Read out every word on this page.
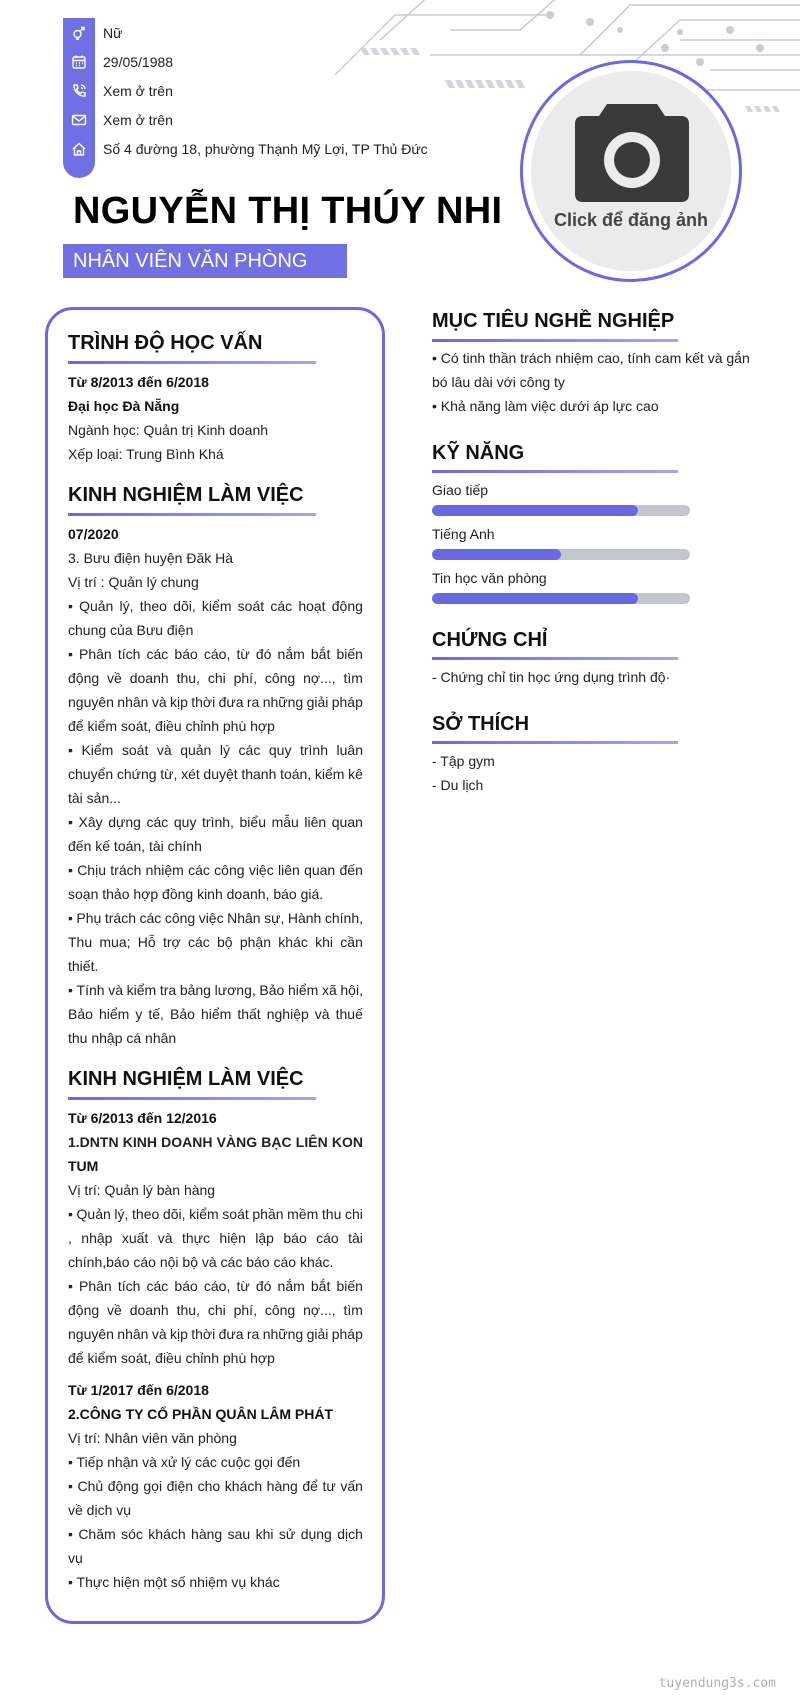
Nữ
29/05/1988
Xem ở trên
Xem ở trên
Số 4 đường 18, phường Thạnh Mỹ Lợi, TP Thủ Đức
NGUYỄN THỊ THÚY NHI
NHÂN VIÊN VĂN PHÒNG
Click để đăng ảnh
TRÌNH ĐỘ HỌC VẤN
Từ 8/2013 đến 6/2018
Đại học Đà Nẵng
Ngành học: Quản trị Kinh doanh
Xếp loại: Trung Bình Khá
KINH NGHIỆM LÀM VIỆC
07/2020
3. Bưu điện huyện Đăk Hà
Vị trí : Quản lý chung
• Quản lý, theo dõi, kiểm soát các hoạt động
chung của Bưu điện
• Phân tích các báo cáo, từ đó nắm bắt biến
động về doanh thu, chi phí, công nợ..., tìm
nguyên nhân và kịp thời đưa ra những giải pháp
để kiểm soát, điều chỉnh phù hợp
• Kiểm soát và quản lý các quy trình luân
chuyển chứng từ, xét duyệt thanh toán, kiểm kê
tài sản...
• Xây dựng các quy trình, biểu mẫu liên quan
đến kế toán, tài chính
• Chịu trách nhiệm các công việc liên quan đến
soạn thảo hợp đồng kinh doanh, báo giá.
• Phụ trách các công việc Nhân sự, Hành chính,
Thu mua; Hỗ trợ các bộ phận khác khi cần
thiết.
• Tính và kiểm tra bảng lương, Bảo hiểm xã hội,
Bảo hiểm y tế, Bảo hiểm thất nghiệp và thuế
thu nhập cá nhân
KINH NGHIỆM LÀM VIỆC
Từ 6/2013 đến 12/2016
1.DNTN KINH DOANH VÀNG BẠC LIÊN KON
TUM
Vị trí: Quản lý bàn hàng
• Quản lý, theo dõi, kiểm soát phần mềm thu chi
, nhập xuất và thực hiện lập báo cáo tài
chính,báo cáo nội bộ và các báo cáo khác.
• Phân tích các báo cáo, từ đó nắm bắt biến
động về doanh thu, chi phí, công nợ..., tìm
nguyên nhân và kịp thời đưa ra những giải pháp
để kiểm soát, điều chỉnh phù hợp
Từ 1/2017 đến 6/2018
2.CÔNG TY CỔ PHẦN QUÂN LÂM PHÁT
Vị trí: Nhân viên văn phòng
• Tiếp nhận và xử lý các cuộc gọi đến
• Chủ động gọi điện cho khách hàng để tư vấn
về dịch vụ
• Chăm sóc khách hàng sau khi sử dụng dịch
vụ
• Thực hiện một số nhiệm vụ khác
MỤC TIÊU NGHỀ NGHIỆP
• Có tinh thần trách nhiệm cao, tính cam kết và gắn
bó lâu dài với công ty
• Khả năng làm việc dưới áp lực cao
KỸ NĂNG
Giao tiếp
Tiếng Anh
Tin học văn phòng
CHỨNG CHỈ
- Chứng chỉ tin học ứng dụng trình độ·
SỞ THÍCH
- Tập gym
- Du lịch
tuyendung3s.com
